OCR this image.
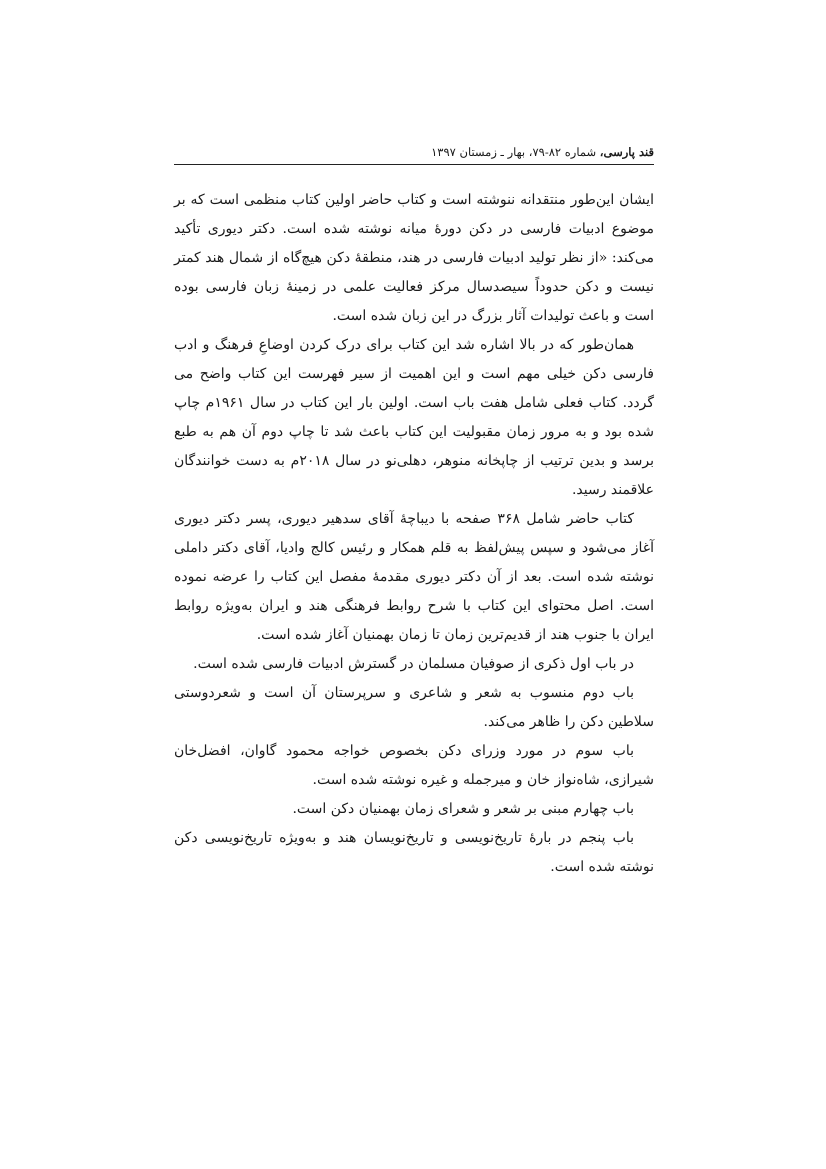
قند پارسی، شماره ۸۲-۷۹، بهار ـ زمستان ۱۳۹۷

ایشان این‌طور منتقدانه ننوشته است و کتاب حاضر اولین کتاب منظمی است که بر موضوع ادبیات فارسی در دکن دورهٔ میانه نوشته شده است. دکتر دیوری تأکید می‌کند: «از نظر تولید ادبیات فارسی در هند، منطقهٔ دکن هیچ‌گاه از شمال هند کمتر نیست و دکن حدوداً سیصدسال مرکز فعالیت علمی در زمینهٔ زبان فارسی بوده است و باعث تولیدات آثار بزرگ در این زبان شده است.

همان‌طور که در بالا اشاره شد این کتاب برای درک کردن اوضاعِ فرهنگ و ادب فارسی دکن خیلی مهم است و این اهمیت از سیر فهرست این کتاب واضح می گردد. کتاب فعلی شامل هفت باب است. اولین بار این کتاب در سال ۱۹۶۱م چاپ شده بود و به مرور زمان مقبولیت این کتاب باعث شد تا چاپ دوم آن هم به طبع برسد و بدین ترتیب از چاپخانه منوهر، دهلی‌نو در سال ۲۰۱۸م به دست خوانندگان علاقمند رسید.

کتاب حاضر شامل ۳۶۸ صفحه با دیباچهٔ آقای سدهیر دیوری، پسر دکتر دیوری آغاز می‌شود و سپس پیش‌لفظ به قلم همکار و رئیس کالج وادیا، آقای دکتر داملی نوشته شده است. بعد از آن دکتر دیوری مقدمهٔ مفصل این کتاب را عرضه نموده است. اصل محتوای این کتاب با شرح روابط فرهنگی هند و ایران به‌ویژه روابط ایران با جنوب هند از قدیم‌ترین زمان تا زمان بهمنیان آغاز شده است.

در باب اول ذکری از صوفیان مسلمان در گسترش ادبیات فارسی شده است.

باب دوم منسوب به شعر و شاعری و سرپرستان آن است و شعردوستی سلاطین دکن را ظاهر می‌کند.

باب سوم در مورد وزرای دکن بخصوص خواجه محمود گاوان، افضل‌خان شیرازی، شاه‌نواز خان و میرجمله و غیره نوشته شده است.

باب چهارم مبنی بر شعر و شعرای زمان بهمنیان دکن است.

باب پنجم در بارهٔ تاریخ‌نویسی و تاریخ‌نویسان هند و به‌ویژه تاریخ‌نویسی دکن نوشته شده است.
